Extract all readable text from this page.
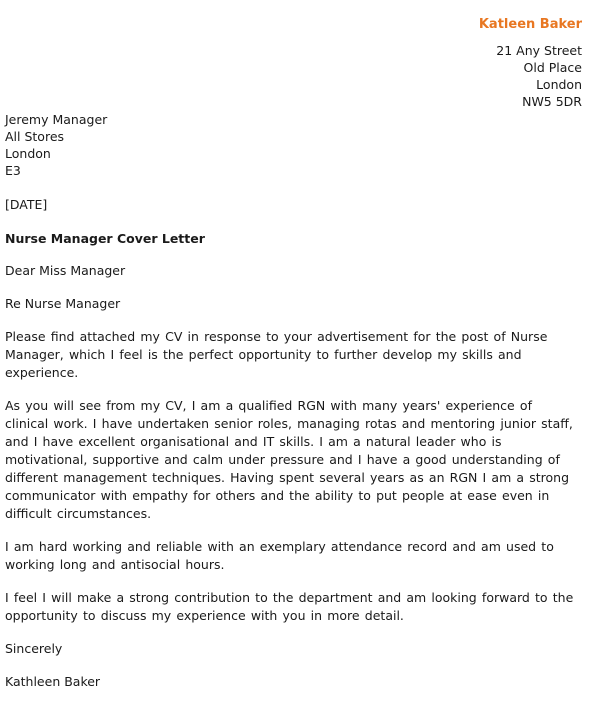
Katleen Baker
21 Any Street
Old Place
London
NW5 5DR
Jeremy Manager
All Stores
London
E3
[DATE]
Nurse Manager Cover Letter
Dear Miss Manager
Re Nurse Manager
Please find attached my CV in response to your advertisement for the post of Nurse Manager, which I feel is the perfect opportunity to further develop my skills and experience.
As you will see from my CV, I am a qualified RGN with many years' experience of clinical work. I have undertaken senior roles, managing rotas and mentoring junior staff, and I have excellent organisational and IT skills. I am a natural leader who is motivational, supportive and calm under pressure and I have a good understanding of different management techniques. Having spent several years as an RGN I am a strong communicator with empathy for others and the ability to put people at ease even in difficult circumstances.
I am hard working and reliable with an exemplary attendance record and am used to working long and antisocial hours.
I feel I will make a strong contribution to the department and am looking forward to the opportunity to discuss my experience with you in more detail.
Sincerely
Kathleen Baker
